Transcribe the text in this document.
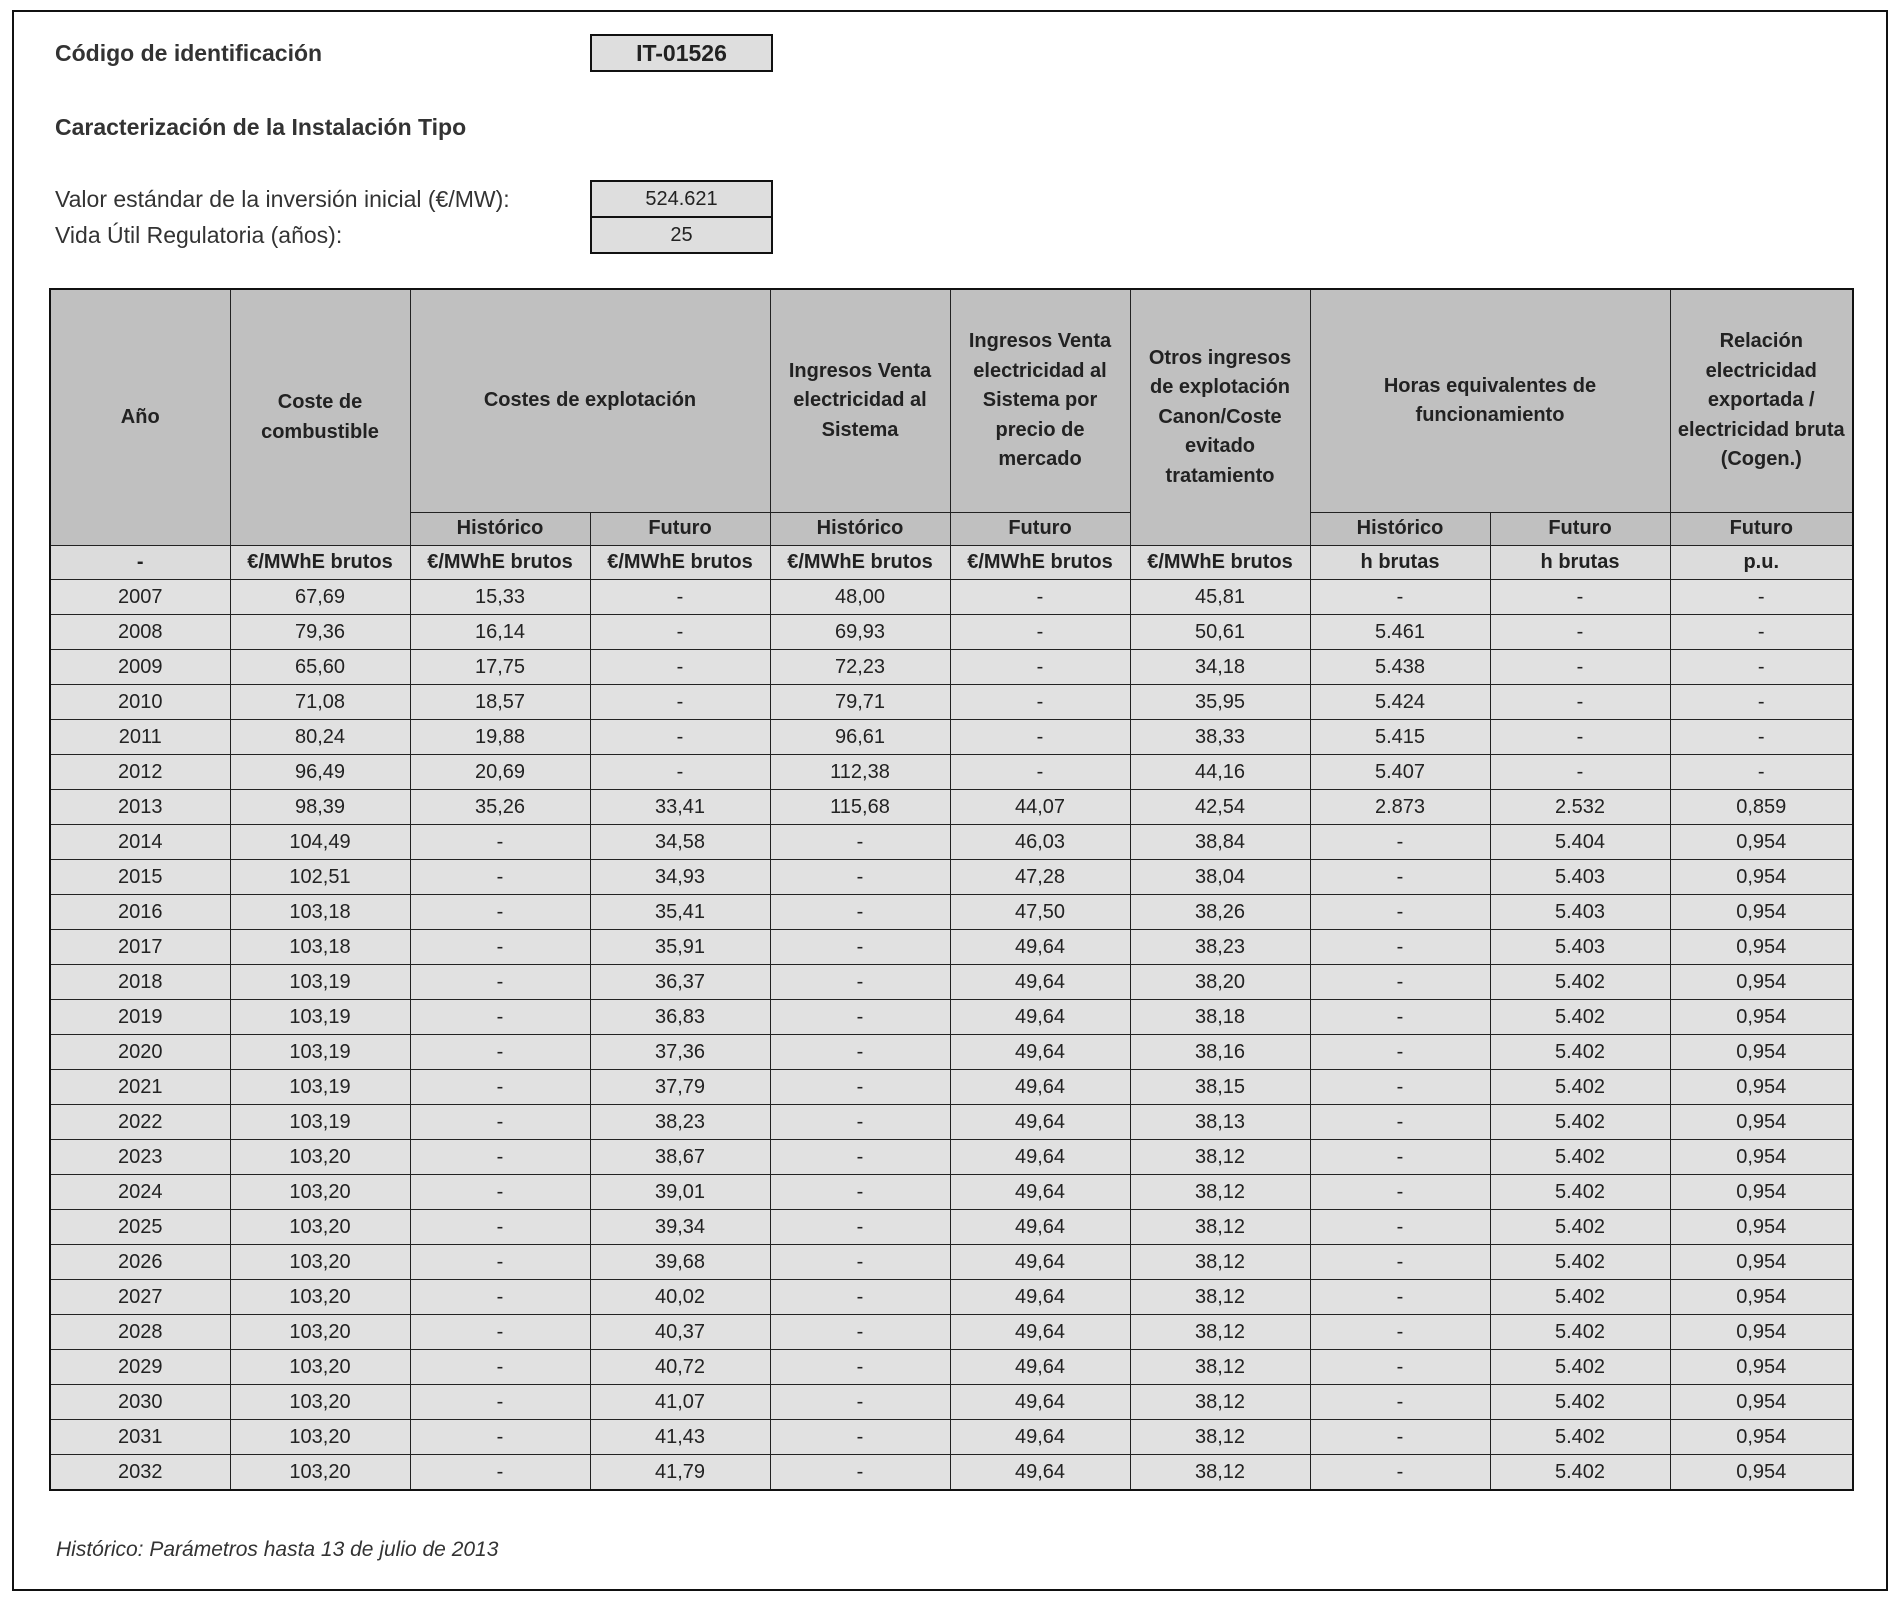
Código de identificación	IT-01526
Caracterización de la Instalación Tipo
Valor estándar de la inversión inicial (€/MW):	524.621
Vida Útil Regulatoria (años):	25
Año	Coste de combustible	Costes de explotación		Ingresos Venta electricidad al Sistema	Ingresos Venta electricidad al Sistema por precio de mercado	Otros ingresos de explotación Canon/Coste evitado tratamiento	Horas equivalentes de funcionamiento		Relación electricidad exportada / electricidad bruta (Cogen.)
		Histórico	Futuro	Histórico	Futuro		Histórico	Futuro	Futuro
-	€/MWhE brutos	€/MWhE brutos	€/MWhE brutos	€/MWhE brutos	€/MWhE brutos	€/MWhE brutos	h brutas	h brutas	p.u.
2007	67,69	15,33	-	48,00	-	45,81	-	-	-
2008	79,36	16,14	-	69,93	-	50,61	5.461	-	-
2009	65,60	17,75	-	72,23	-	34,18	5.438	-	-
2010	71,08	18,57	-	79,71	-	35,95	5.424	-	-
2011	80,24	19,88	-	96,61	-	38,33	5.415	-	-
2012	96,49	20,69	-	112,38	-	44,16	5.407	-	-
2013	98,39	35,26	33,41	115,68	44,07	42,54	2.873	2.532	0,859
2014	104,49	-	34,58	-	46,03	38,84	-	5.404	0,954
2015	102,51	-	34,93	-	47,28	38,04	-	5.403	0,954
2016	103,18	-	35,41	-	47,50	38,26	-	5.403	0,954
2017	103,18	-	35,91	-	49,64	38,23	-	5.403	0,954
2018	103,19	-	36,37	-	49,64	38,20	-	5.402	0,954
2019	103,19	-	36,83	-	49,64	38,18	-	5.402	0,954
2020	103,19	-	37,36	-	49,64	38,16	-	5.402	0,954
2021	103,19	-	37,79	-	49,64	38,15	-	5.402	0,954
2022	103,19	-	38,23	-	49,64	38,13	-	5.402	0,954
2023	103,20	-	38,67	-	49,64	38,12	-	5.402	0,954
2024	103,20	-	39,01	-	49,64	38,12	-	5.402	0,954
2025	103,20	-	39,34	-	49,64	38,12	-	5.402	0,954
2026	103,20	-	39,68	-	49,64	38,12	-	5.402	0,954
2027	103,20	-	40,02	-	49,64	38,12	-	5.402	0,954
2028	103,20	-	40,37	-	49,64	38,12	-	5.402	0,954
2029	103,20	-	40,72	-	49,64	38,12	-	5.402	0,954
2030	103,20	-	41,07	-	49,64	38,12	-	5.402	0,954
2031	103,20	-	41,43	-	49,64	38,12	-	5.402	0,954
2032	103,20	-	41,79	-	49,64	38,12	-	5.402	0,954
Histórico: Parámetros hasta 13 de julio de 2013
